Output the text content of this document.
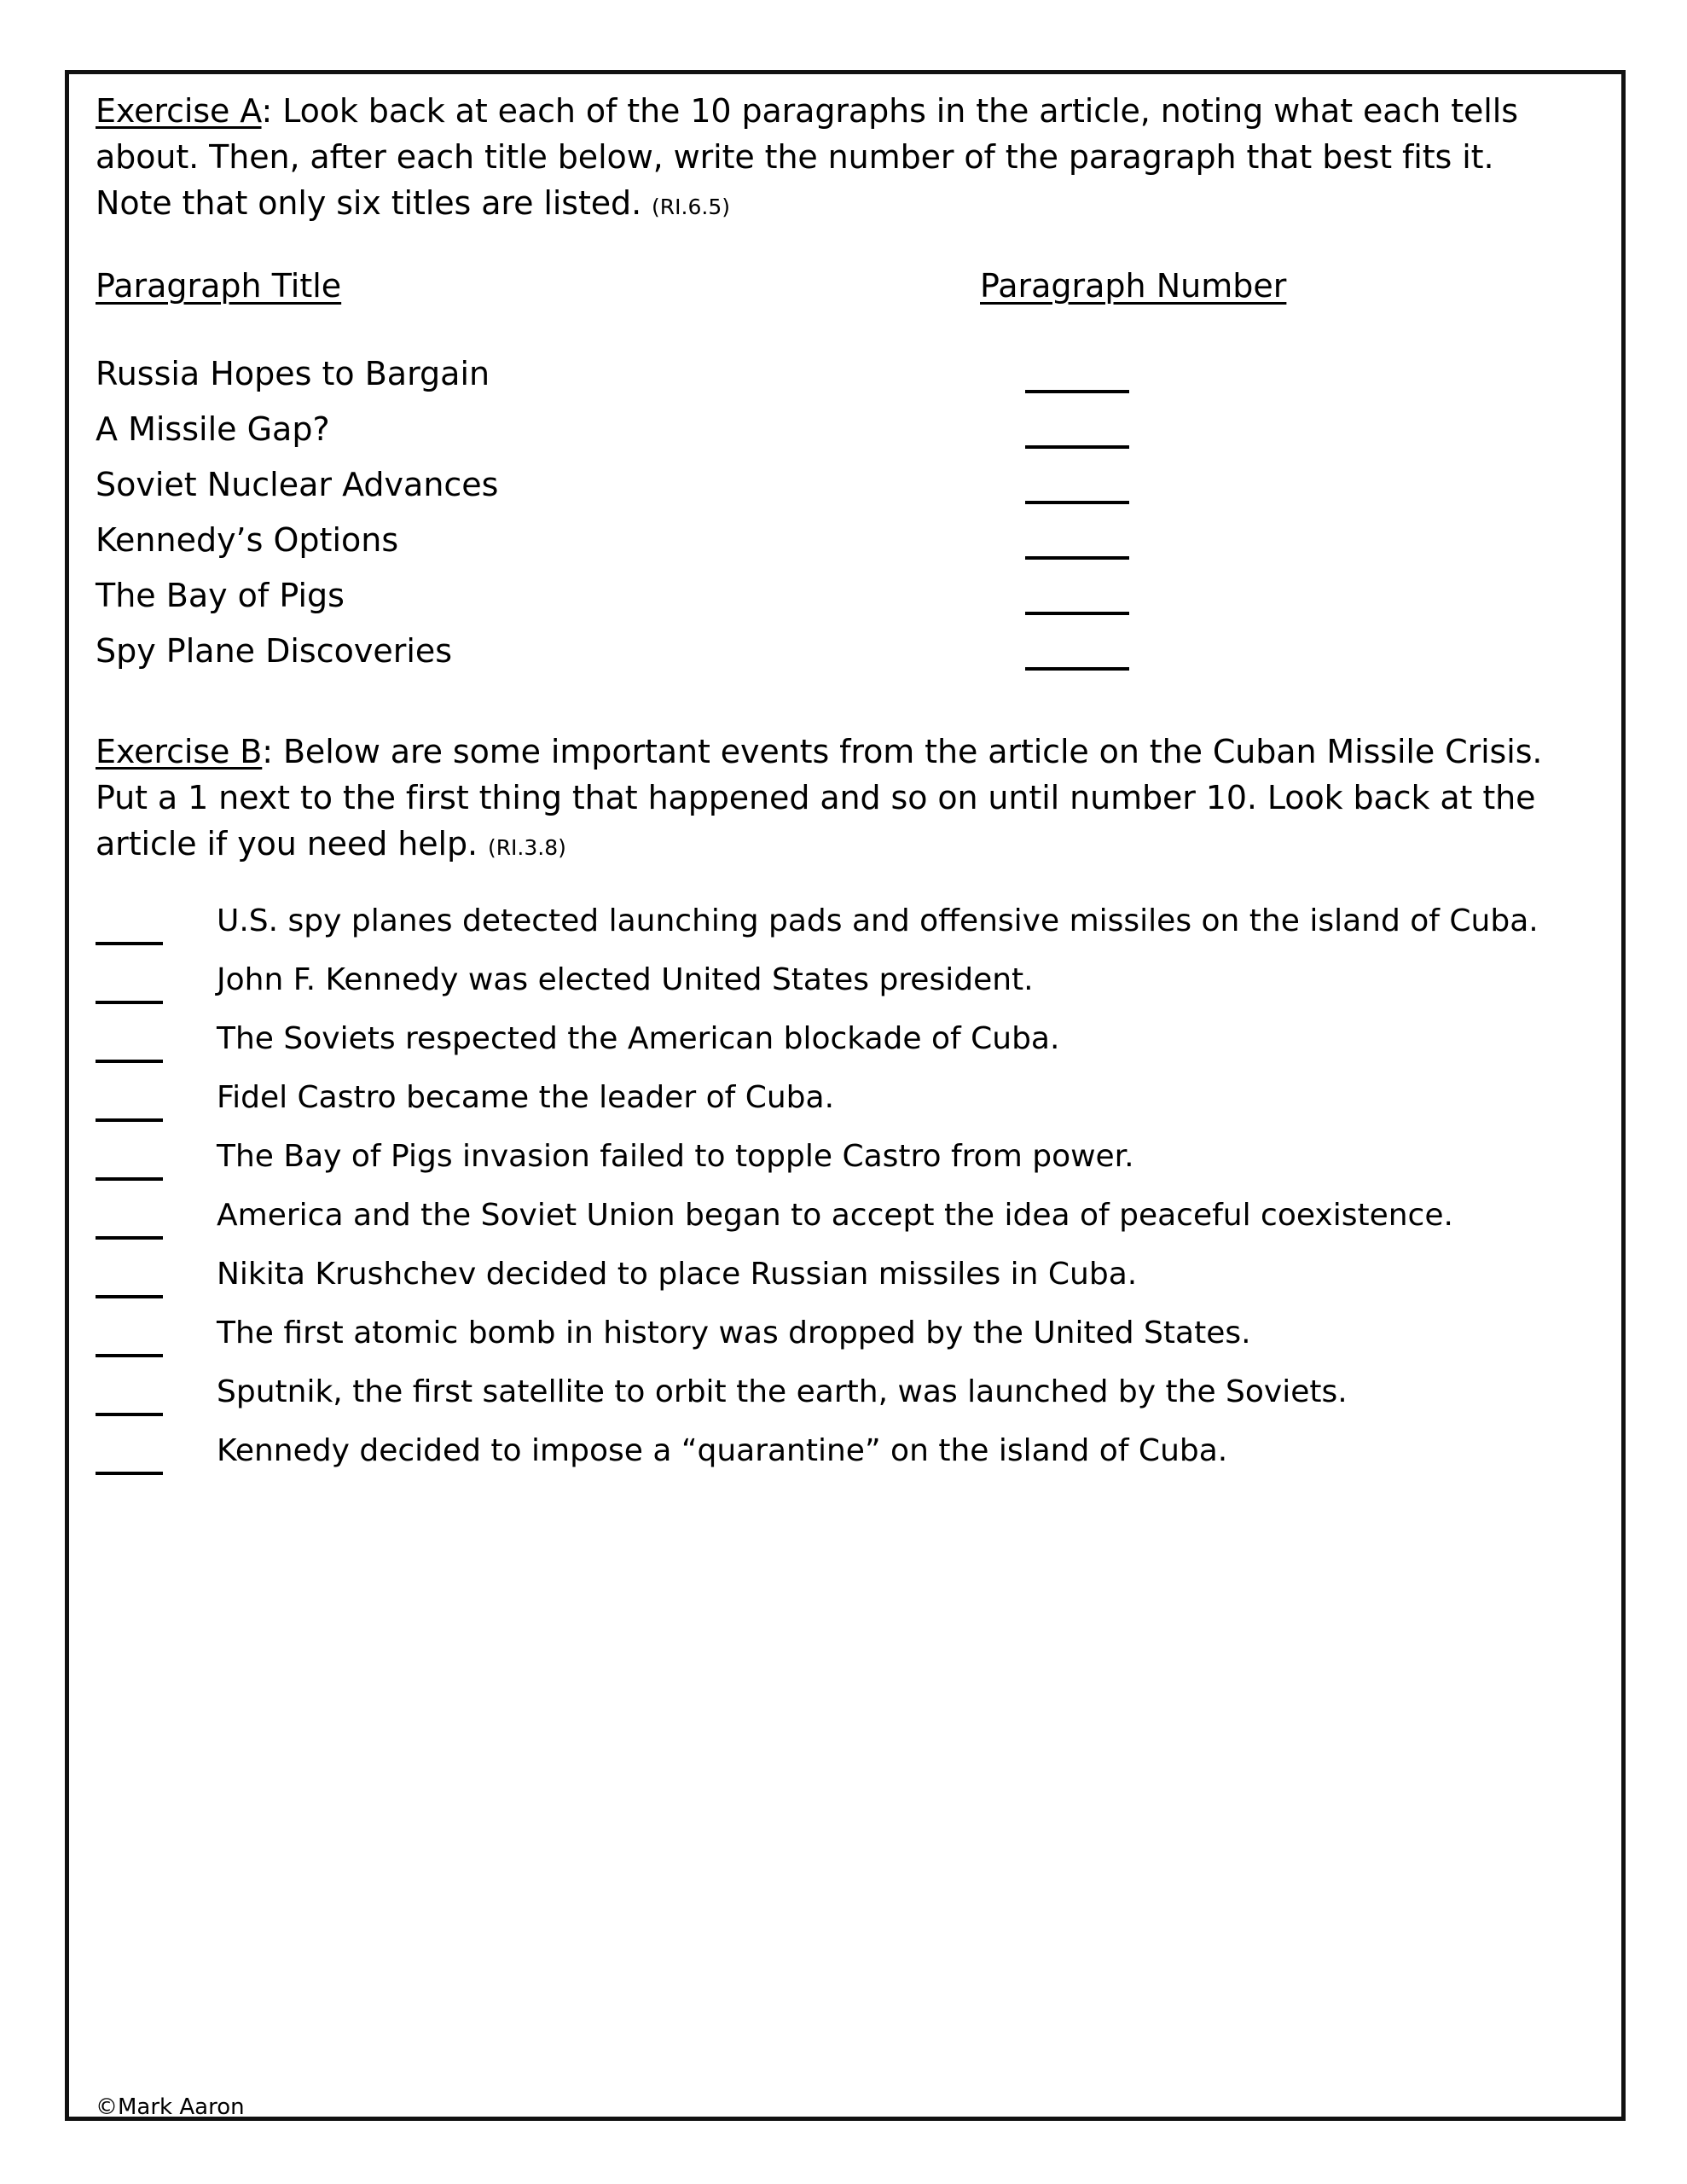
Exercise A: Look back at each of the 10 paragraphs in the article, noting what each tells about. Then, after each title below, write the number of the paragraph that best fits it. Note that only six titles are listed. (RI.6.5)

Paragraph Title	Paragraph Number
Russia Hopes to Bargain
A Missile Gap?
Soviet Nuclear Advances
Kennedy’s Options
The Bay of Pigs
Spy Plane Discoveries

Exercise B: Below are some important events from the article on the Cuban Missile Crisis. Put a 1 next to the first thing that happened and so on until number 10. Look back at the article if you need help. (RI.3.8)

U.S. spy planes detected launching pads and offensive missiles on the island of Cuba.
John F. Kennedy was elected United States president.
The Soviets respected the American blockade of Cuba.
Fidel Castro became the leader of Cuba.
The Bay of Pigs invasion failed to topple Castro from power.
America and the Soviet Union began to accept the idea of peaceful coexistence.
Nikita Krushchev decided to place Russian missiles in Cuba.
The first atomic bomb in history was dropped by the United States.
Sputnik, the first satellite to orbit the earth, was launched by the Soviets.
Kennedy decided to impose a “quarantine” on the island of Cuba.
©Mark Aaron
